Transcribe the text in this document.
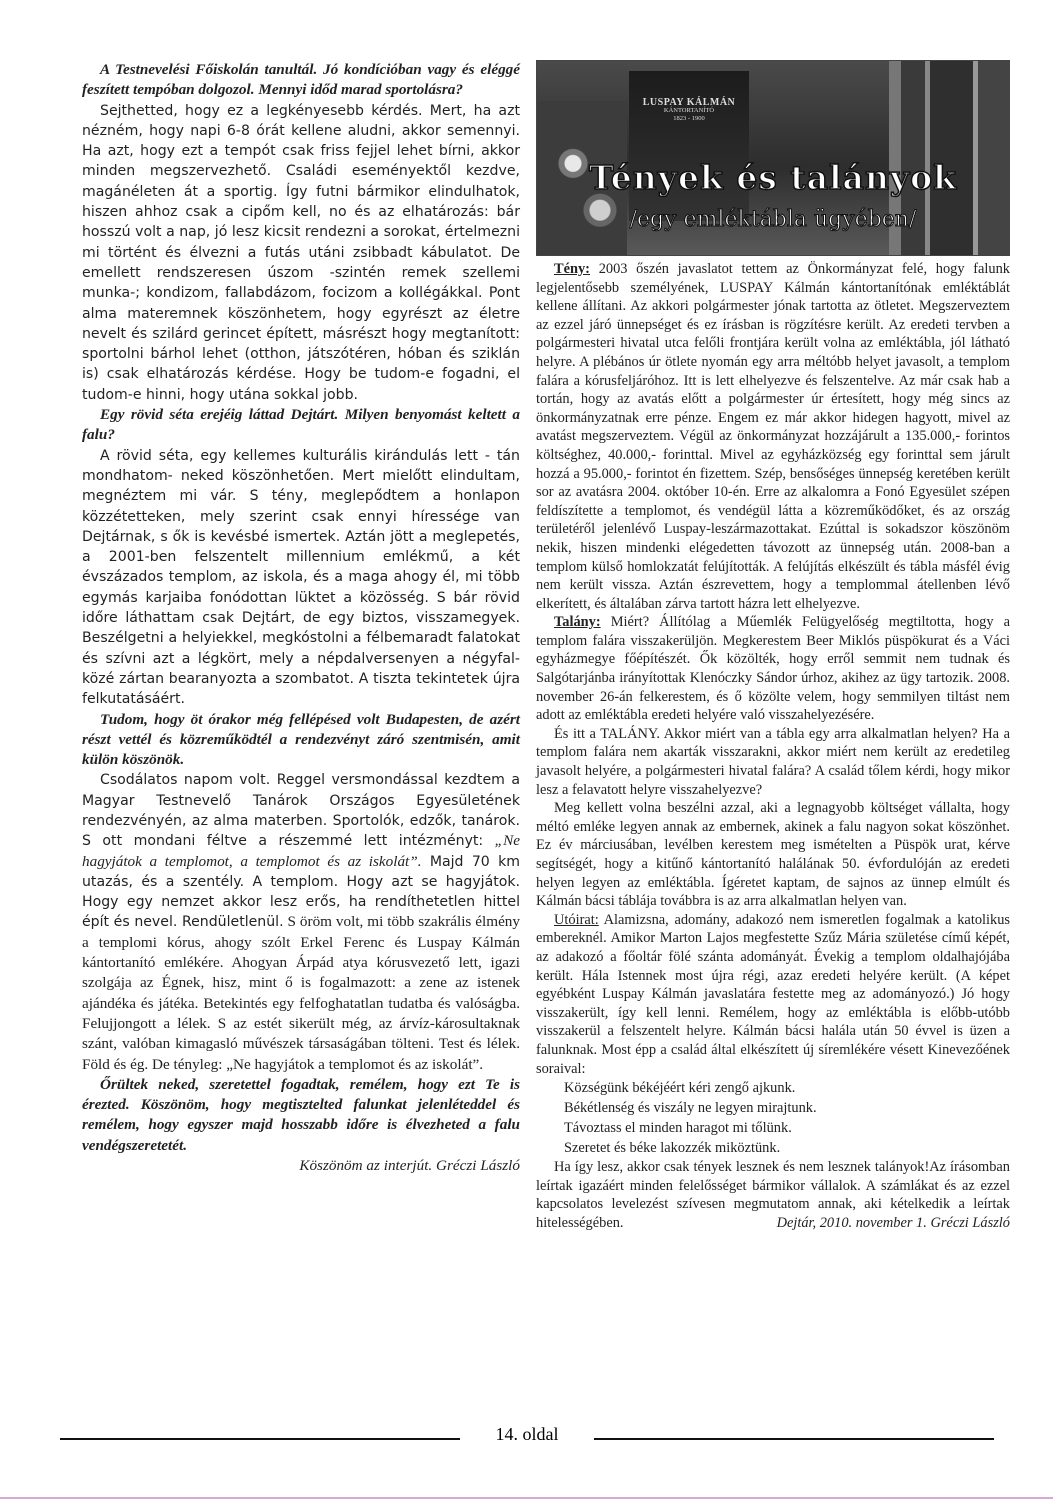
A Testnevelési Főiskolán tanultál. Jó kondícióban vagy és eléggé feszített tempóban dolgozol. Mennyi időd marad sportolásra?

Sejthetted, hogy ez a legkényesebb kérdés. Mert, ha azt nézném, hogy napi 6-8 órát kellene aludni, akkor semennyi. Ha azt, hogy ezt a tempót csak friss fejjel lehet bírni, akkor minden megszervezhető. Családi eseményektől kezdve, magánéleten át a sportig. Így futni bármikor elindulhatok, hiszen ahhoz csak a cipőm kell, no és az elhatározás: bár hosszú volt a nap, jó lesz kicsit rendezni a sorokat, értelmezni mi történt és élvezni a futás utáni zsibbadt kábulatot. De emellett rendszeresen úszom -szintén remek szellemi munka-; kondizom, fallabdázom, focizom a kollégákkal. Pont alma materemnek köszönhetem, hogy egyrészt az életre nevelt és szilárd gerincet épített, másrészt hogy megtanított: sportolni bárhol lehet (otthon, játszótéren, hóban és sziklán is) csak elhatározás kérdése. Hogy be tudom-e fogadni, el tudom-e hinni, hogy utána sokkal jobb.

Egy rövid séta erejéig láttad Dejtárt. Milyen benyomást keltett a falu?

A rövid séta, egy kellemes kulturális kirándulás lett - tán mondhatom- neked köszönhetően. Mert mielőtt elindultam, megnéztem mi vár. S tény, meglepődtem a honlapon közzétetteken, mely szerint csak ennyi híressége van Dejtárnak, s ők is kevésbé ismertek. Aztán jött a meglepetés, a 2001-ben felszentelt millennium emlékmű, a két évszázados templom, az iskola, és a maga ahogy él, mi több egymás karjaiba fonódottan lüktet a közösség. S bár rövid időre láthattam csak Dejtárt, de egy biztos, visszamegyek. Beszélgetni a helyiekkel, megkóstolni a félbemaradt falatokat és szívni azt a légkört, mely a népdalversenyen a négyfal-közé zártan bearanyozta a szombatot. A tiszta tekintetek újra felkutatásáért.

Tudom, hogy öt órakor még fellépésed volt Budapesten, de azért részt vettél és közreműködtél a rendezvényt záró szentmisén, amit külön köszönök.

Csodálatos napom volt. Reggel versmondással kezdtem a Magyar Testnevelő Tanárok Országos Egyesületének rendezvényén, az alma materben. Sportolók, edzők, tanárok. S ott mondani féltve a részemmé lett intézményt: „Ne hagyjátok a templomot, a templomot és az iskolát”. Majd 70 km utazás, és a szentély. A templom. Hogy azt se hagyjátok. Hogy egy nemzet akkor lesz erős, ha rendíthetetlen hittel épít és nevel. Rendületlenül. S öröm volt, mi több szakrális élmény a templomi kórus, ahogy szólt Erkel Ferenc és Luspay Kálmán kántortanító emlékére. Ahogyan Árpád atya kórusvezető lett, igazi szolgája az Égnek, hisz, mint ő is fogalmazott: a zene az istenek ajándéka és játéka. Betekintés egy felfoghatatlan tudatba és valóságba. Felujjongott a lélek. S az estét sikerült még, az árvíz-károsultaknak szánt, valóban kimagasló művészek társaságában tölteni. Test és lélek. Föld és ég. De tényleg: „Ne hagyjátok a templomot és az iskolát”.

Őrültek neked, szeretettel fogadtak, remélem, hogy ezt Te is érezted. Köszönöm, hogy megtisztelted falunkat jelenléteddel és remélem, hogy egyszer majd hosszabb időre is élvezheted a falu vendégszeretetét.

Köszönöm az interjút. Gréczi László

LUSPAY KÁLMÁN
KÁNTORTANÍTÓ
1823 - 1900
Tények és talányok
/egy emléktábla ügyében/

Tény: 2003 őszén javaslatot tettem az Önkormányzat felé, hogy falunk legjelentősebb személyének, LUSPAY Kálmán kántortanítónak emléktáblát kellene állítani. Az akkori polgármester jónak tartotta az ötletet. Megszerveztem az ezzel járó ünnepséget és ez írásban is rögzítésre került. Az eredeti tervben a polgármesteri hivatal utca felőli frontjára került volna az emléktábla, jól látható helyre. A plébános úr ötlete nyomán egy arra méltóbb helyet javasolt, a templom falára a kórusfeljáróhoz. Itt is lett elhelyezve és felszentelve. Az már csak hab a tortán, hogy az avatás előtt a polgármester úr értesített, hogy még sincs az önkormányzatnak erre pénze. Engem ez már akkor hidegen hagyott, mivel az avatást megszerveztem. Végül az önkormányzat hozzájárult a 135.000,- forintos költséghez, 40.000,- forinttal. Mivel az egyházközség egy forinttal sem járult hozzá a 95.000,- forintot én fizettem. Szép, bensőséges ünnepség keretében került sor az avatásra 2004. október 10-én. Erre az alkalomra a Fonó Egyesület szépen feldíszítette a templomot, és vendégül látta a közreműködőket, és az ország területéről jelenlévő Luspay-leszármazottakat. Ezúttal is sokadszor köszönöm nekik, hiszen mindenki elégedetten távozott az ünnepség után. 2008-ban a templom külső homlokzatát felújították. A felújítás elkészült és tábla másfél évig nem került vissza. Aztán észrevettem, hogy a templommal átellenben lévő elkerített, és általában zárva tartott házra lett elhelyezve.

Talány: Miért? Állítólag a Műemlék Felügyelőség megtiltotta, hogy a templom falára visszakerüljön. Megkerestem Beer Miklós püspökurat és a Váci egyházmegye főépítészét. Ők közölték, hogy erről semmit nem tudnak és Salgótarjánba irányítottak Klenóczky Sándor úrhoz, akihez az ügy tartozik. 2008. november 26-án felkerestem, és ő közölte velem, hogy semmilyen tiltást nem adott az emléktábla eredeti helyére való visszahelyezésére.

És itt a TALÁNY. Akkor miért van a tábla egy arra alkalmatlan helyen? Ha a templom falára nem akarták visszarakni, akkor miért nem került az eredetileg javasolt helyére, a polgármesteri hivatal falára? A család tőlem kérdi, hogy mikor lesz a felavatott helyre visszahelyezve?

Meg kellett volna beszélni azzal, aki a legnagyobb költséget vállalta, hogy méltó emléke legyen annak az embernek, akinek a falu nagyon sokat köszönhet. Ez év márciusában, levélben kerestem meg ismételten a Püspök urat, kérve segítségét, hogy a kitűnő kántortanító halálának 50. évfordulóján az eredeti helyen legyen az emléktábla. Ígéretet kaptam, de sajnos az ünnep elmúlt és Kálmán bácsi táblája továbbra is az arra alkalmatlan helyen van.

Utóirat: Alamizsna, adomány, adakozó nem ismeretlen fogalmak a katolikus embereknél. Amikor Marton Lajos megfestette Szűz Mária születése című képét, az adakozó a főoltár fölé szánta adományát. Évekig a templom oldalhajójába került. Hála Istennek most újra régi, azaz eredeti helyére került. (A képet egyébként Luspay Kálmán javaslatára festette meg az adományozó.) Jó hogy visszakerült, így kell lenni. Remélem, hogy az emléktábla is előbb-utóbb visszakerül a felszentelt helyre. Kálmán bácsi halála után 50 évvel is üzen a falunknak. Most épp a család által elkészített új síremlékére vésett Kinevezőének soraival:

Községünk békéjéért kéri zengő ajkunk.

Békétlenség és viszály ne legyen mirajtunk.

Távoztass el minden haragot mi tőlünk.

Szeretet és béke lakozzék miköztünk.

Ha így lesz, akkor csak tények lesznek és nem lesznek talányok!Az írásomban leírtak igazáért minden felelősséget bármikor vállalok. A számlákat és az ezzel kapcsolatos levelezést szívesen megmutatom annak, aki kételkedik a leírtak hitelességében.	Dejtár, 2010. november 1. Gréczi László

14. oldal
